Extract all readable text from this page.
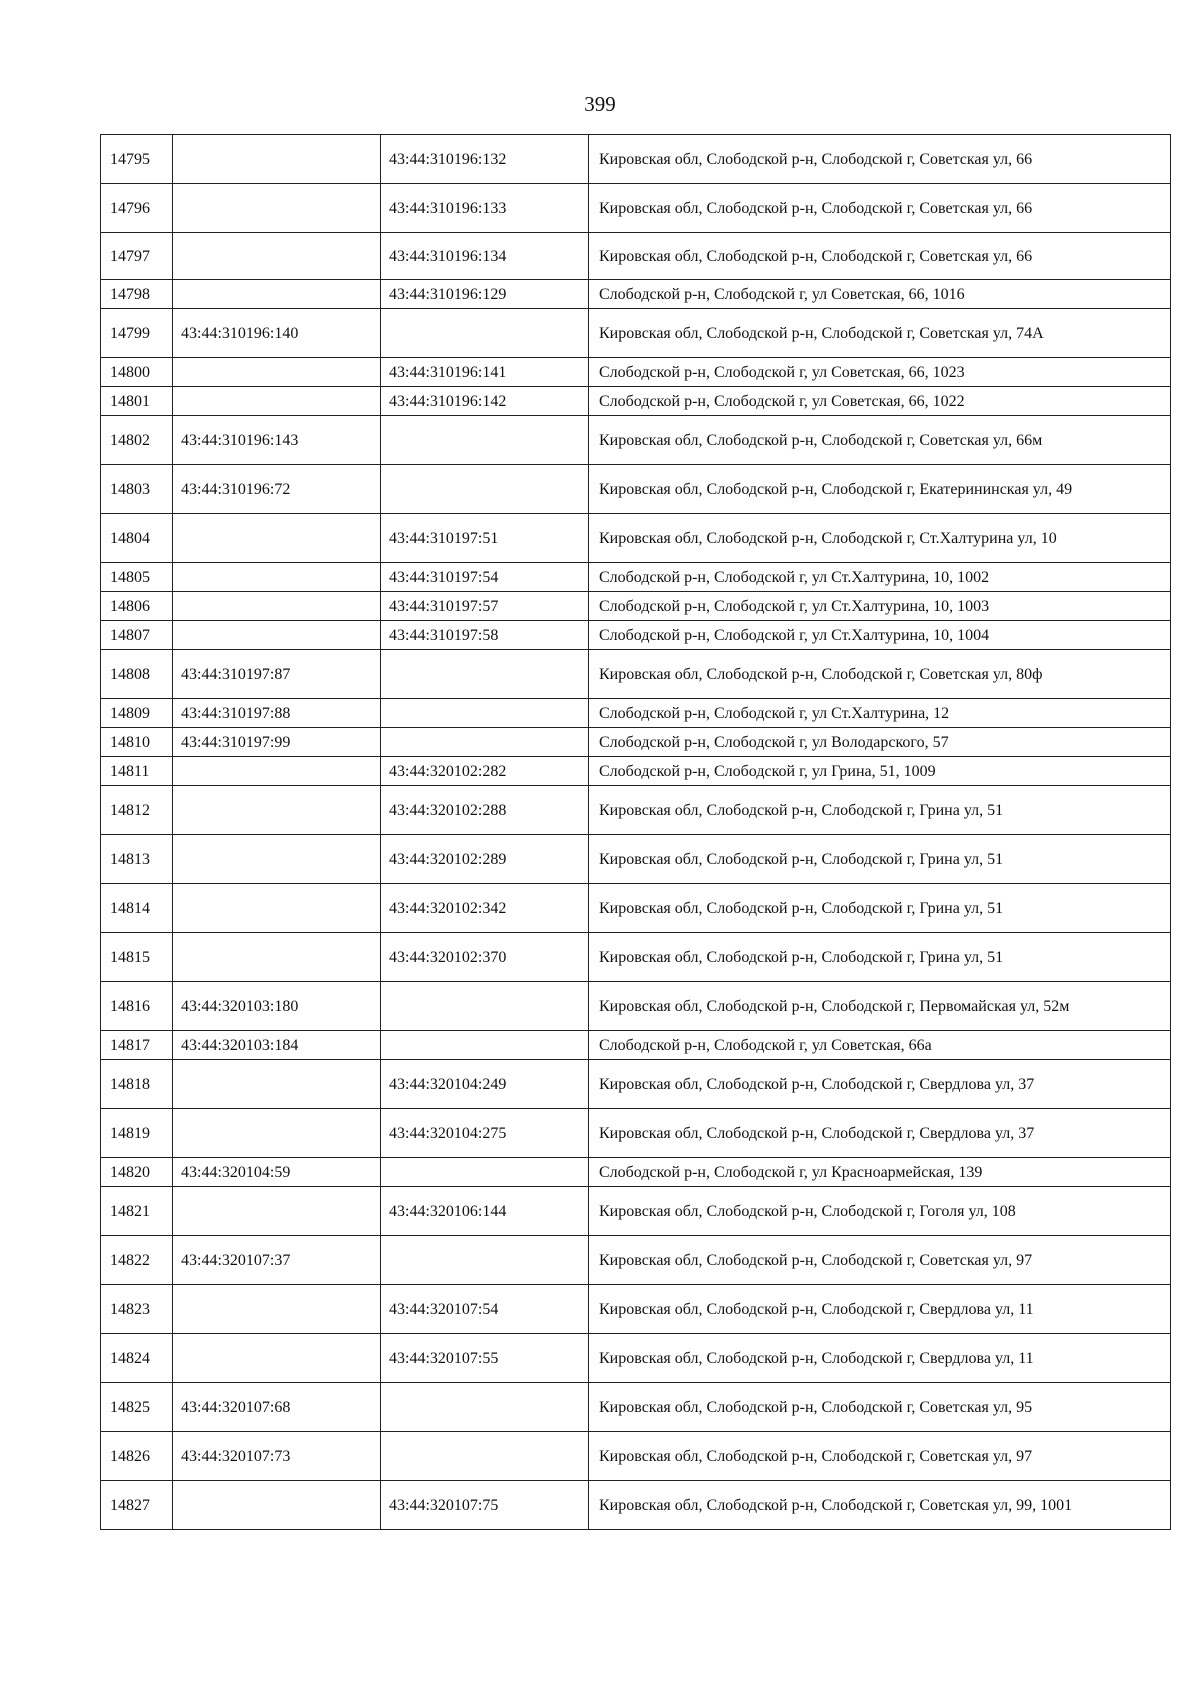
399
14795		43:44:310196:132	Кировская обл, Слободской р-н, Слободской г, Советская ул, 66
14796		43:44:310196:133	Кировская обл, Слободской р-н, Слободской г, Советская ул, 66
14797		43:44:310196:134	Кировская обл, Слободской р-н, Слободской г, Советская ул, 66
14798		43:44:310196:129	Слободской р-н, Слободской г, ул Советская, 66, 1016
14799	43:44:310196:140		Кировская обл, Слободской р-н, Слободской г, Советская ул, 74А
14800		43:44:310196:141	Слободской р-н, Слободской г, ул Советская, 66, 1023
14801		43:44:310196:142	Слободской р-н, Слободской г, ул Советская, 66, 1022
14802	43:44:310196:143		Кировская обл, Слободской р-н, Слободской г, Советская ул, 66м
14803	43:44:310196:72		Кировская обл, Слободской р-н, Слободской г, Екатерининская ул, 49
14804		43:44:310197:51	Кировская обл, Слободской р-н, Слободской г, Ст.Халтурина ул, 10
14805		43:44:310197:54	Слободской р-н, Слободской г, ул Ст.Халтурина, 10, 1002
14806		43:44:310197:57	Слободской р-н, Слободской г, ул Ст.Халтурина, 10, 1003
14807		43:44:310197:58	Слободской р-н, Слободской г, ул Ст.Халтурина, 10, 1004
14808	43:44:310197:87		Кировская обл, Слободской р-н, Слободской г, Советская ул, 80ф
14809	43:44:310197:88		Слободской р-н, Слободской г, ул Ст.Халтурина, 12
14810	43:44:310197:99		Слободской р-н, Слободской г, ул Володарского, 57
14811		43:44:320102:282	Слободской р-н, Слободской г, ул Грина, 51, 1009
14812		43:44:320102:288	Кировская обл, Слободской р-н, Слободской г, Грина ул, 51
14813		43:44:320102:289	Кировская обл, Слободской р-н, Слободской г, Грина ул, 51
14814		43:44:320102:342	Кировская обл, Слободской р-н, Слободской г, Грина ул, 51
14815		43:44:320102:370	Кировская обл, Слободской р-н, Слободской г, Грина ул, 51
14816	43:44:320103:180		Кировская обл, Слободской р-н, Слободской г, Первомайская ул, 52м
14817	43:44:320103:184		Слободской р-н, Слободской г, ул Советская, 66а
14818		43:44:320104:249	Кировская обл, Слободской р-н, Слободской г, Свердлова ул, 37
14819		43:44:320104:275	Кировская обл, Слободской р-н, Слободской г, Свердлова ул, 37
14820	43:44:320104:59		Слободской р-н, Слободской г, ул Красноармейская, 139
14821		43:44:320106:144	Кировская обл, Слободской р-н, Слободской г, Гоголя ул, 108
14822	43:44:320107:37		Кировская обл, Слободской р-н, Слободской г, Советская ул, 97
14823		43:44:320107:54	Кировская обл, Слободской р-н, Слободской г, Свердлова ул, 11
14824		43:44:320107:55	Кировская обл, Слободской р-н, Слободской г, Свердлова ул, 11
14825	43:44:320107:68		Кировская обл, Слободской р-н, Слободской г, Советская ул, 95
14826	43:44:320107:73		Кировская обл, Слободской р-н, Слободской г, Советская ул, 97
14827		43:44:320107:75	Кировская обл, Слободской р-н, Слободской г, Советская ул, 99, 1001
